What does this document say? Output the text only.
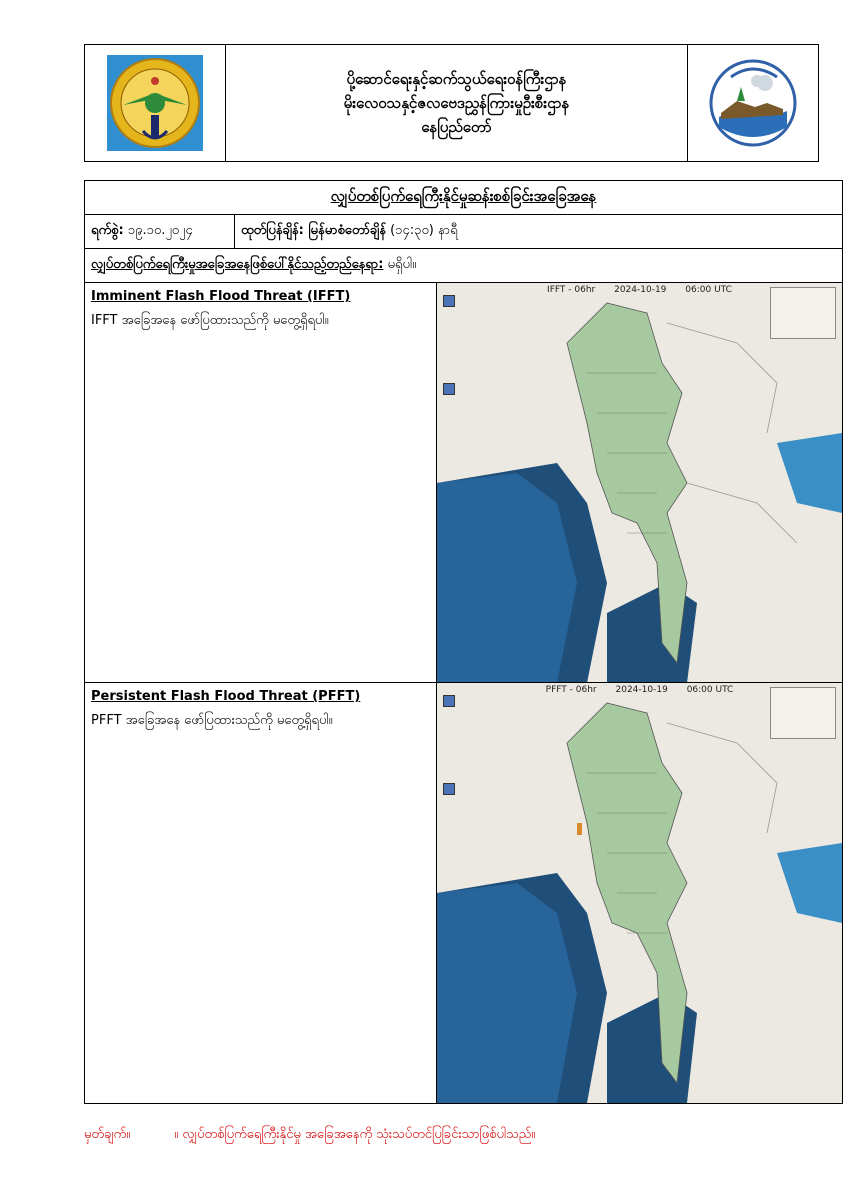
ပို့ဆောင်ရေးနှင့်ဆက်သွယ်ရေးဝန်ကြီးဌာန
မိုးလေဝသနှင့်ဇလဗေဒညွှန်ကြားမှုဦးစီးဌာန
နေပြည်တော်
လျှပ်တစ်ပြက်ရေကြီးနိုင်မှုဆန်းစစ်ခြင်းအခြေအနေ
ရက်စွဲ:
၁၉.၁၀.၂၀၂၄	ထုတ်ပြန်ချိန်: မြန်မာစံတော်ချိန်
(၁၄:၃၀) နာရီ
လျှပ်တစ်ပြက်ရေကြီးမှုအခြေအနေဖြစ်ပေါ်နိုင်သည့်တည်နေရာ:
မရှိပါ။
Imminent Flash Flood Threat (IFFT)
IFFT အခြေအနေ ဖော်ပြထားသည်ကို မတွေ့ရှိရပါ။
IFFT - 06hr 2024-10-19 06:00 UTC
Persistent Flash Flood Threat (PFFT)
PFFT အခြေအနေ ဖော်ပြထားသည်ကို မတွေ့ရှိရပါ။
PFFT - 06hr 2024-10-19 06:00 UTC
မှတ်ချက်။	။ လျှပ်တစ်ပြက်ရေကြီးနိုင်မှု အခြေအနေကို သုံးသပ်တင်ပြခြင်းသာဖြစ်ပါသည်။
